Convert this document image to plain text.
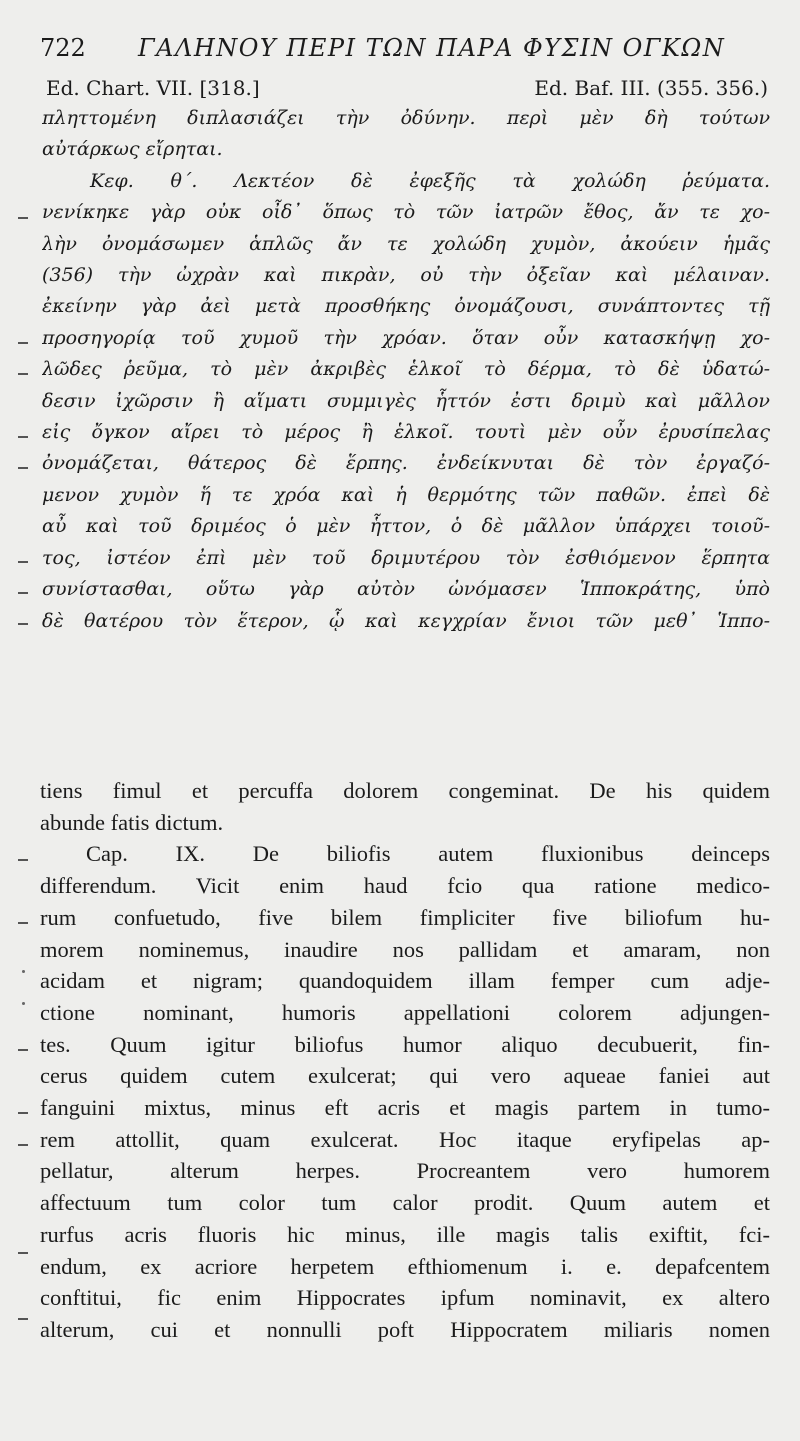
722 ΓΑΛΗΝΟΥ ΠΕΡΙ ΤΩΝ ΠΑΡΑ ΦΥΣΙΝ ΟΓΚΩΝ
Ed. Chart. VII. [318.]	Ed. Baf. III. (355. 356.)
πληττομένη διπλασιάζει τὴν ὀδύνην. περὶ μὲν δὴ τούτων
αὐτάρκως εἴρηται.
Κεφ. θ΄. Λεκτέον δὲ ἐφεξῆς τὰ χολώδη ῥεύματα.
νενίκηκε γὰρ οὐκ οἶδ᾽ ὅπως τὸ τῶν ἰατρῶν ἔθος, ἄν τε χο-
λὴν ὀνομάσωμεν ἁπλῶς ἄν τε χολώδη χυμὸν, ἀκούειν ἡμᾶς
(356) τὴν ὠχρὰν καὶ πικρὰν, οὐ τὴν ὀξεῖαν καὶ μέλαιναν.
ἐκείνην γὰρ ἀεὶ μετὰ προσθήκης ὀνομάζουσι, συνάπτοντες τῇ
προσηγορίᾳ τοῦ χυμοῦ τὴν χρόαν. ὅταν οὖν κατασκήψῃ χο-
λῶδες ῥεῦμα, τὸ μὲν ἀκριβὲς ἑλκοῖ τὸ δέρμα, τὸ δὲ ὑδατώ-
δεσιν ἰχῶρσιν ἢ αἵματι συμμιγὲς ἧττόν ἐστι δριμὺ καὶ μᾶλλον
εἰς ὄγκον αἴρει τὸ μέρος ἢ ἑλκοῖ. τουτὶ μὲν οὖν ἐρυσίπελας
ὀνομάζεται, θάτερος δὲ ἕρπης. ἐνδείκνυται δὲ τὸν ἐργαζό-
μενον χυμὸν ἥ τε χρόα καὶ ἡ θερμότης τῶν παθῶν. ἐπεὶ δὲ
αὖ καὶ τοῦ δριμέος ὁ μὲν ἧττον, ὁ δὲ μᾶλλον ὑπάρχει τοιοῦ-
τος, ἰστέον ἐπὶ μὲν τοῦ δριμυτέρου τὸν ἐσθιόμενον ἕρπητα
συνίστασθαι, οὕτω γὰρ αὐτὸν ὠνόμασεν Ἱπποκράτης, ὑπὸ
δὲ θατέρου τὸν ἕτερον, ᾧ καὶ κεγχρίαν ἔνιοι τῶν μεθ᾽ Ἱππο-
tiens fimul et percuffa dolorem congeminat. De his quidem
abunde fatis dictum.
Cap. IX. De biliofis autem fluxionibus deinceps
differendum. Vicit enim haud fcio qua ratione medico-
rum confuetudo, five bilem fimpliciter five biliofum hu-
morem nominemus, inaudire nos pallidam et amaram, non
acidam et nigram; quandoquidem illam femper cum adje-
ctione nominant, humoris appellationi colorem adjungen-
tes. Quum igitur biliofus humor aliquo decubuerit, fin-
cerus quidem cutem exulcerat; qui vero aqueae faniei aut
fanguini mixtus, minus eft acris et magis partem in tumo-
rem attollit, quam exulcerat. Hoc itaque eryfipelas ap-
pellatur, alterum herpes. Procreantem vero humorem
affectuum tum color tum calor prodit. Quum autem et
rurfus acris fluoris hic minus, ille magis talis exiftit, fci-
endum, ex acriore herpetem efthiomenum i. e. depafcentem
conftitui, fic enim Hippocrates ipfum nominavit, ex altero
alterum, cui et nonnulli poft Hippocratem miliaris nomen
